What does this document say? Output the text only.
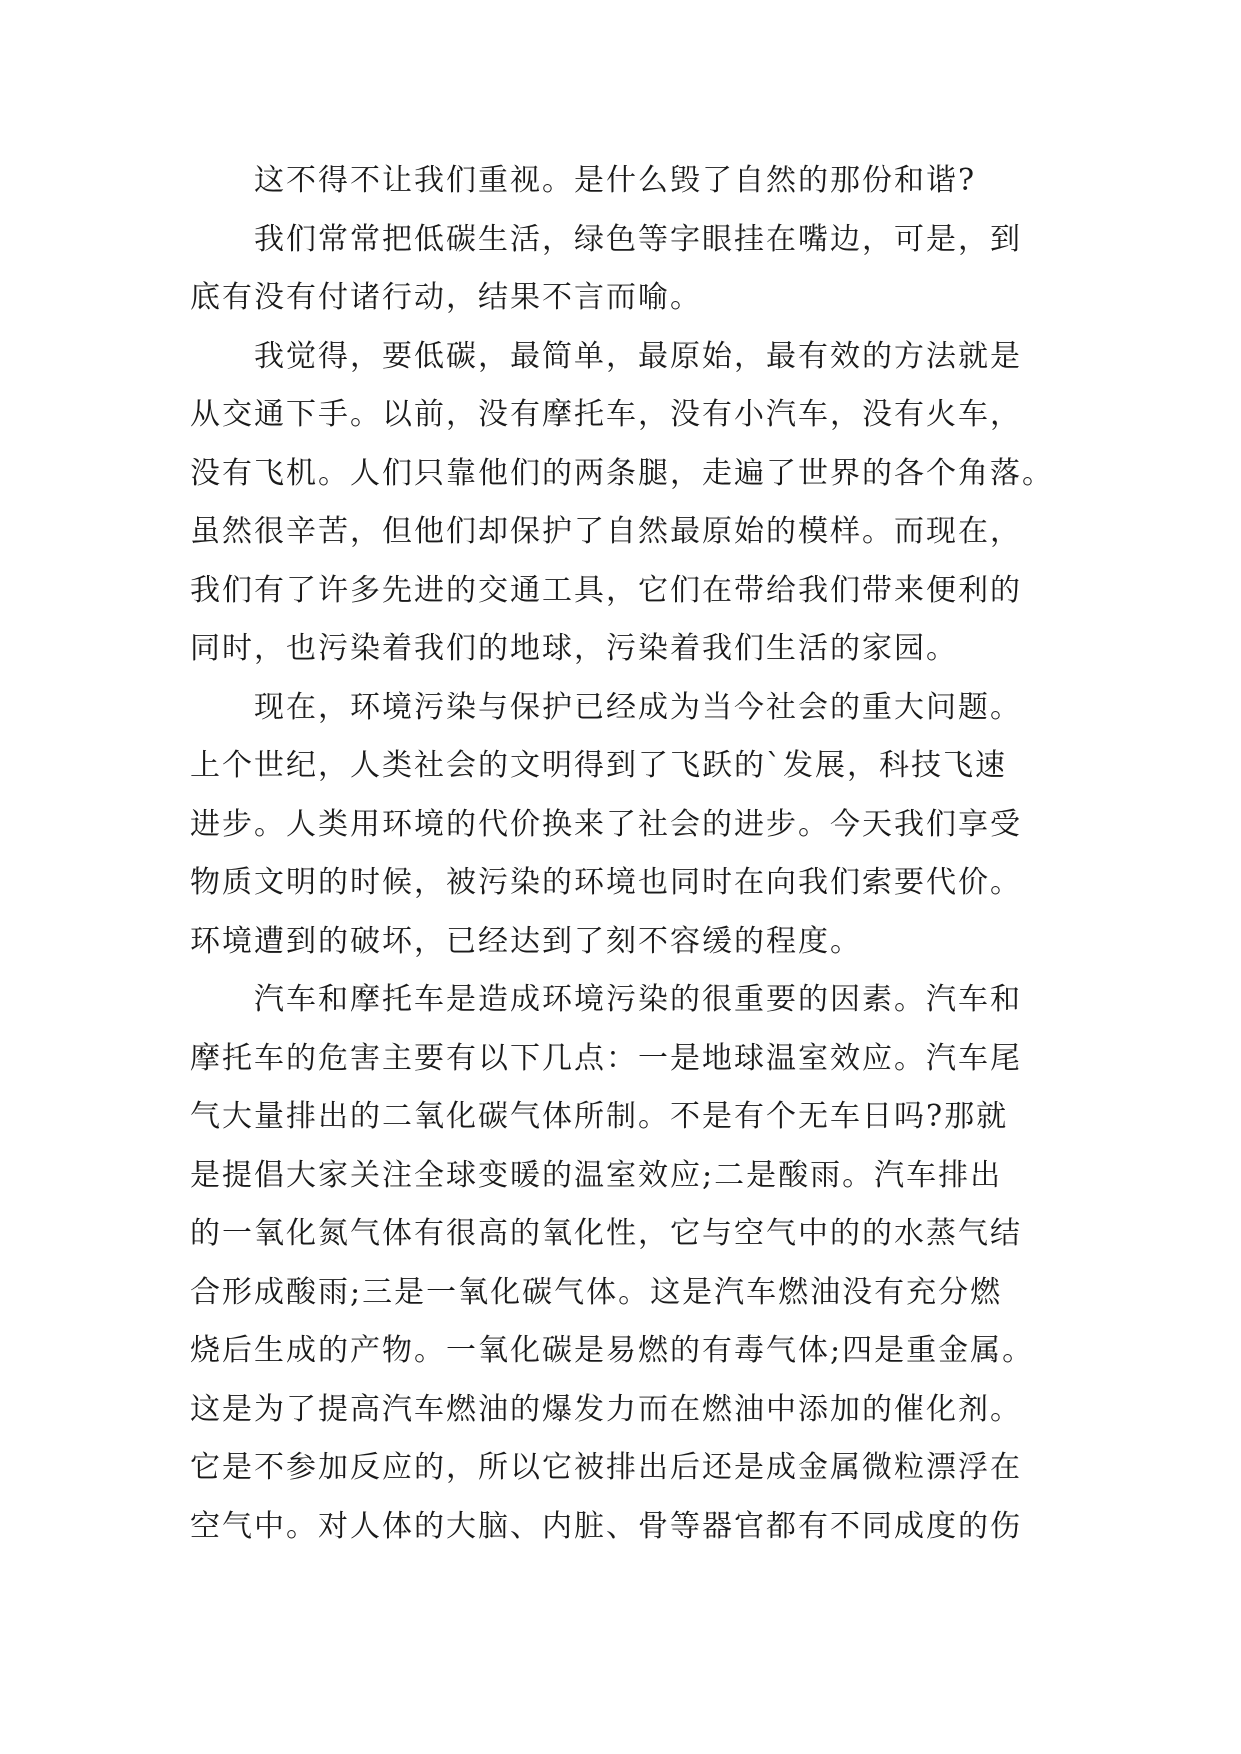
这不得不让我们重视。是什么毁了自然的那份和谐?
我们常常把低碳生活，绿色等字眼挂在嘴边，可是，到
底有没有付诸行动，结果不言而喻。
我觉得，要低碳，最简单，最原始，最有效的方法就是
从交通下手。以前，没有摩托车，没有小汽车，没有火车，
没有飞机。人们只靠他们的两条腿，走遍了世界的各个角落。
虽然很辛苦，但他们却保护了自然最原始的模样。而现在，
我们有了许多先进的交通工具，它们在带给我们带来便利的
同时，也污染着我们的地球，污染着我们生活的家园。
现在，环境污染与保护已经成为当今社会的重大问题。
上个世纪，人类社会的文明得到了飞跃的`发展，科技飞速
进步。人类用环境的代价换来了社会的进步。今天我们享受
物质文明的时候，被污染的环境也同时在向我们索要代价。
环境遭到的破坏，已经达到了刻不容缓的程度。
汽车和摩托车是造成环境污染的很重要的因素。汽车和
摩托车的危害主要有以下几点：一是地球温室效应。汽车尾
气大量排出的二氧化碳气体所制。不是有个无车日吗?那就
是提倡大家关注全球变暖的温室效应;二是酸雨。汽车排出
的一氧化氮气体有很高的氧化性，它与空气中的的水蒸气结
合形成酸雨;三是一氧化碳气体。这是汽车燃油没有充分燃
烧后生成的产物。一氧化碳是易燃的有毒气体;四是重金属。
这是为了提高汽车燃油的爆发力而在燃油中添加的催化剂。
它是不参加反应的，所以它被排出后还是成金属微粒漂浮在
空气中。对人体的大脑、内脏、骨等器官都有不同成度的伤
